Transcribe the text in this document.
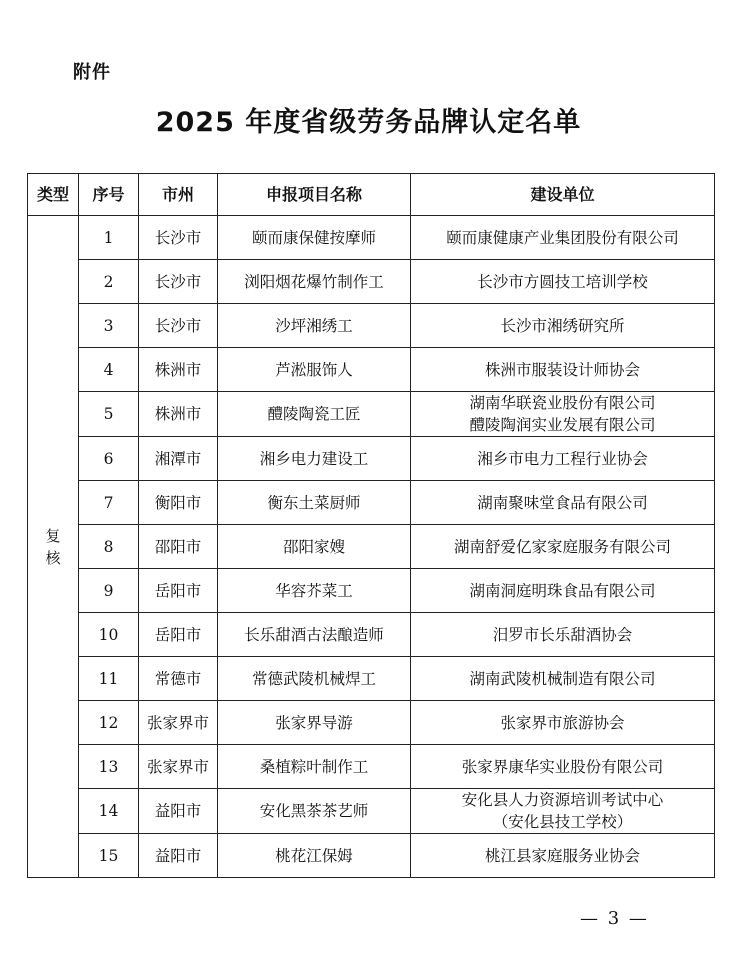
附件
2025 年度省级劳务品牌认定名单
类型	序号	市州	申报项目名称	建设单位
复核	1	长沙市	颐而康保健按摩师	颐而康健康产业集团股份有限公司

	2	长沙市	浏阳烟花爆竹制作工	长沙市方圆技工培训学校

	3	长沙市	沙坪湘绣工	长沙市湘绣研究所

	4	株洲市	芦淞服饰人	株洲市服装设计师协会

	5	株洲市	醴陵陶瓷工匠	湖南华联瓷业股份有限公司
醴陵陶润实业发展有限公司

	6	湘潭市	湘乡电力建设工	湘乡市电力工程行业协会

	7	衡阳市	衡东土菜厨师	湖南聚味堂食品有限公司

	8	邵阳市	邵阳家嫂	湖南舒爱亿家家庭服务有限公司

	9	岳阳市	华容芥菜工	湖南洞庭明珠食品有限公司

	10	岳阳市	长乐甜酒古法酿造师	汨罗市长乐甜酒协会

	11	常德市	常德武陵机械焊工	湖南武陵机械制造有限公司

	12	张家界市	张家界导游	张家界市旅游协会

	13	张家界市	桑植粽叶制作工	张家界康华实业股份有限公司

	14	益阳市	安化黑茶茶艺师	安化县人力资源培训考试中心
（安化县技工学校）

	15	益阳市	桃花江保姆	桃江县家庭服务业协会
— 3 —
